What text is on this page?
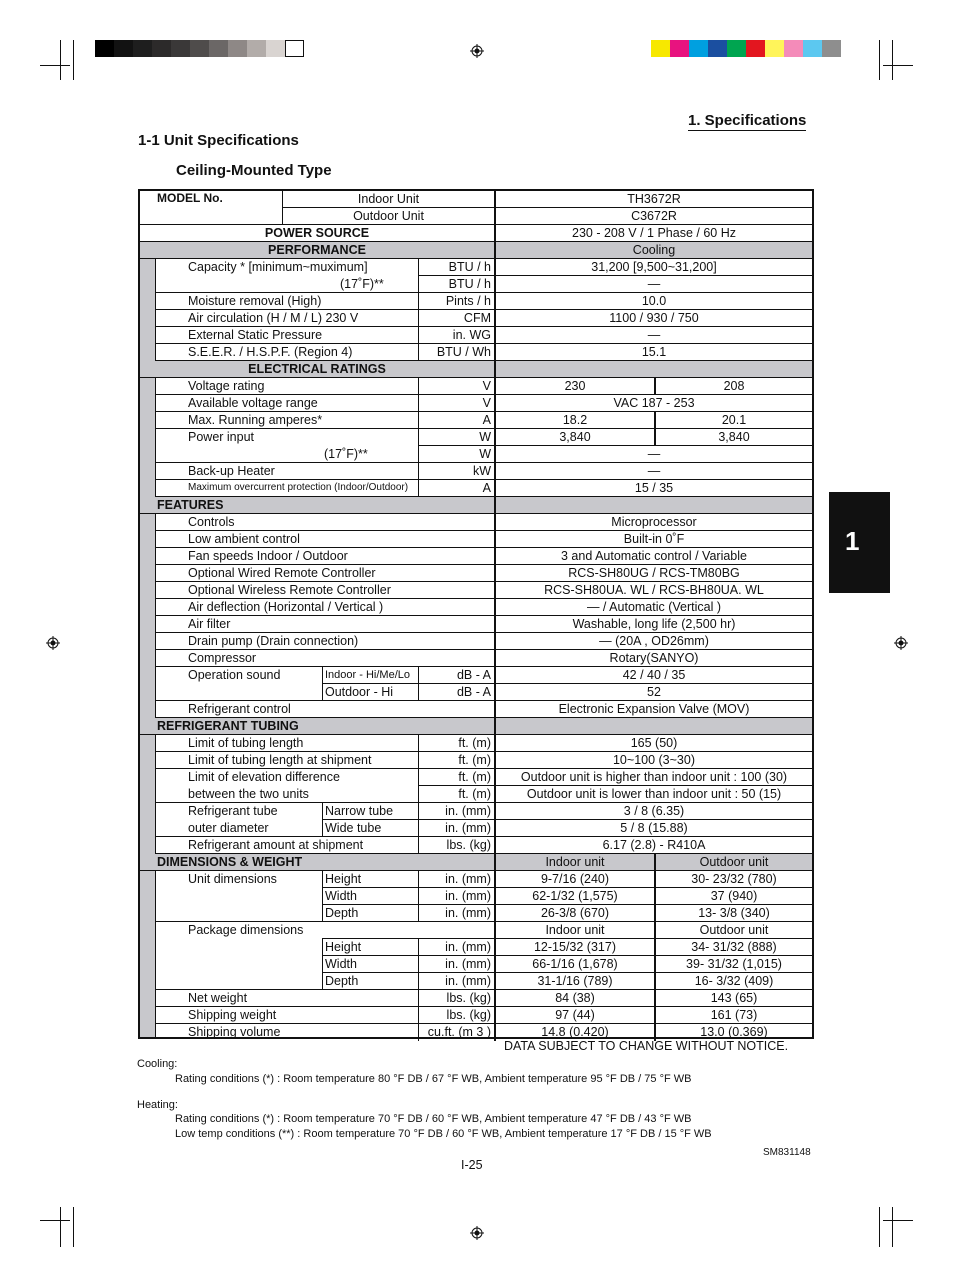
1. Specifications
1-1 Unit Specifications
Ceiling-Mounted Type
MODEL No.	Indoor Unit	TH3672R
Outdoor Unit	C3672R
POWER SOURCE	230 - 208 V / 1 Phase / 60 Hz
PERFORMANCE	Cooling
Capacity * [minimum~muximum]	BTU / h	31,200 [9,500~31,200]
(17˚F)**	BTU / h	—
Moisture removal (High)	Pints / h	10.0
Air circulation (H / M / L) 230 V	CFM	1100 / 930 / 750
External Static Pressure	in. WG	—
S.E.E.R. / H.S.P.F. (Region 4)	BTU / Wh	15.1
ELECTRICAL RATINGS
Voltage rating	V	230	208
Available voltage range	V	VAC 187 - 253
Max. Running amperes*	A	18.2	20.1
Power input	W	3,840	3,840
(17˚F)**	W	—
Back-up Heater	kW	—
Maximum overcurrent protection (Indoor/Outdoor)	A	15 / 35
FEATURES
Controls	Microprocessor
Low ambient control	Built-in 0˚F
Fan speeds Indoor / Outdoor	3 and Automatic control / Variable
Optional Wired Remote Controller	RCS-SH80UG / RCS-TM80BG
Optional Wireless Remote Controller	RCS-SH80UA. WL / RCS-BH80UA. WL
Air deflection (Horizontal / Vertical )	— / Automatic (Vertical )
Air filter	Washable, long life (2,500 hr)
Drain pump (Drain connection)	— (20A , OD26mm)
Compressor	Rotary(SANYO)
Operation sound	Indoor - Hi/Me/Lo	dB - A	42 / 40 / 35
Outdoor - Hi	dB - A	52
Refrigerant control	Electronic Expansion Valve (MOV)
REFRIGERANT TUBING
Limit of tubing length	ft. (m)	165 (50)
Limit of tubing length at shipment	ft. (m)	10~100 (3~30)
Limit of elevation difference	ft. (m)	Outdoor unit is higher than indoor unit : 100 (30)
between the two units	ft. (m)	Outdoor unit is lower than indoor unit : 50 (15)
Refrigerant tube	Narrow tube	in. (mm)	3 / 8 (6.35)
outer diameter	Wide tube	in. (mm)	5 / 8 (15.88)
Refrigerant amount at shipment	lbs. (kg)	6.17 (2.8) - R410A
DIMENSIONS & WEIGHT	Indoor unit	Outdoor unit
Unit dimensions	Height	in. (mm)	9-7/16 (240)	30- 23/32 (780)
Width	in. (mm)	62-1/32 (1,575)	37 (940)
Depth	in. (mm)	26-3/8 (670)	13- 3/8 (340)
Package dimensions	Indoor unit	Outdoor unit
Height	in. (mm)	12-15/32 (317)	34- 31/32 (888)
Width	in. (mm)	66-1/16 (1,678)	39- 31/32 (1,015)
Depth	in. (mm)	31-1/16 (789)	16- 3/32 (409)
Net weight	lbs. (kg)	84 (38)	143 (65)
Shipping weight	lbs. (kg)	97 (44)	161 (73)
Shipping volume	cu.ft. (m 3 )	14.8 (0.420)	13.0 (0.369)
DATA SUBJECT TO CHANGE WITHOUT NOTICE.
Cooling:
Rating conditions (*) : Room temperature 80 °F DB / 67 °F WB, Ambient temperature 95 °F DB / 75 °F WB
Heating:
Rating conditions (*) : Room temperature 70 °F DB / 60 °F WB, Ambient temperature 47 °F DB / 43 °F WB
Low temp conditions (**) : Room temperature 70 °F DB / 60 °F WB, Ambient temperature 17 °F DB / 15 °F WB
SM831148
I-25
1
